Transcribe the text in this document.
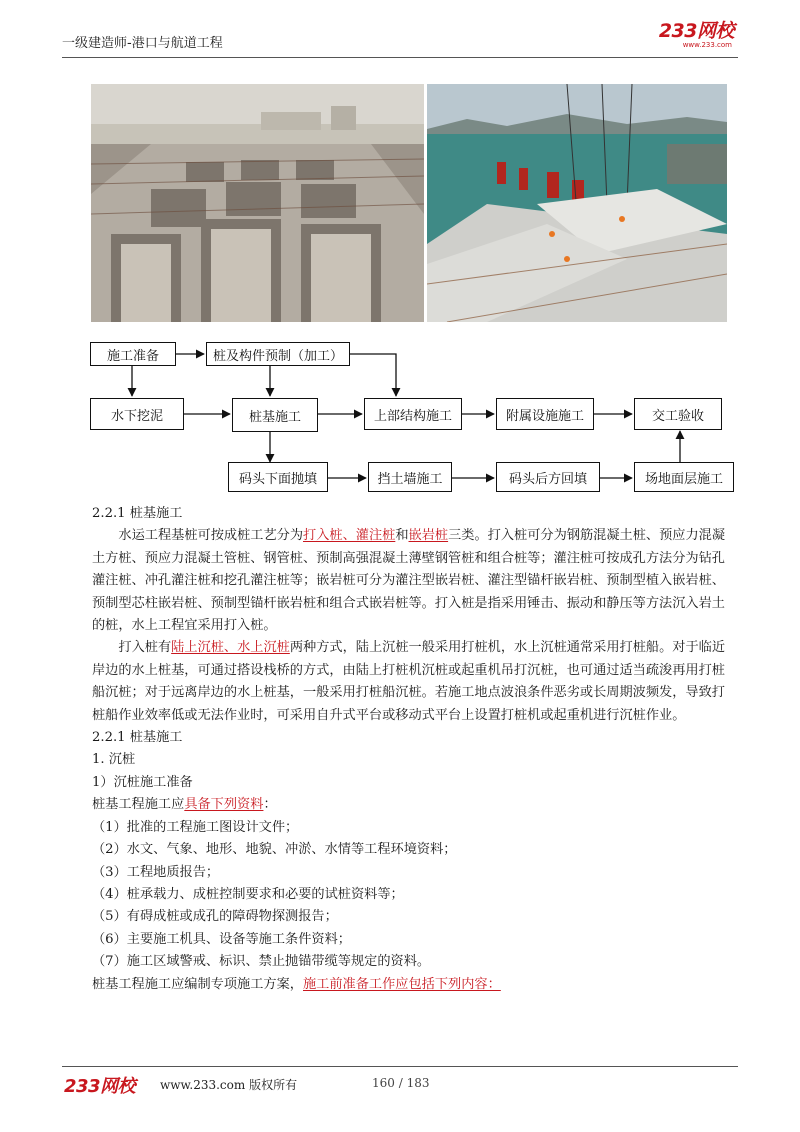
一级建造师-港口与航道工程
233网校
www.233.com
施工准备	桩及构件预制（加工）
水下挖泥	桩基施工	上部结构施工	附属设施施工	交工验收
码头下面抛填	挡土墙施工	码头后方回填	场地面层施工

2.2.1 桩基施工

水运工程基桩可按成桩工艺分为打入桩、灌注桩和嵌岩桩三类。打入桩可分为钢筋混凝土桩、预应力混凝土方桩、预应力混凝土管桩、钢管桩、预制高强混凝土薄壁钢管桩和组合桩等；灌注桩可按成孔方法分为钻孔灌注桩、冲孔灌注桩和挖孔灌注桩等；嵌岩桩可分为灌注型嵌岩桩、灌注型锚杆嵌岩桩、预制型植入嵌岩桩、预制型芯柱嵌岩桩、预制型锚杆嵌岩桩和组合式嵌岩桩等。打入桩是指采用锤击、振动和静压等方法沉入岩土的桩，水上工程宜采用打入桩。

打入桩有陆上沉桩、水上沉桩两种方式，陆上沉桩一般采用打桩机，水上沉桩通常采用打桩船。对于临近岸边的水上桩基，可通过搭设栈桥的方式，由陆上打桩机沉桩或起重机吊打沉桩，也可通过适当疏浚再用打桩船沉桩；对于远离岸边的水上桩基，一般采用打桩船沉桩。若施工地点波浪条件恶劣或长周期波频发，导致打桩船作业效率低或无法作业时，可采用自升式平台或移动式平台上设置打桩机或起重机进行沉桩作业。

2.2.1 桩基施工

1. 沉桩

1）沉桩施工准备

桩基工程施工应具备下列资料：

（1）批准的工程施工图设计文件；

（2）水文、气象、地形、地貌、冲淤、水情等工程环境资料；

（3）工程地质报告；

（4）桩承载力、成桩控制要求和必要的试桩资料等；

（5）有碍成桩或成孔的障碍物探测报告；

（6）主要施工机具、设备等施工条件资料；

（7）施工区域警戒、标识、禁止抛锚带缆等规定的资料。

桩基工程施工应编制专项施工方案，施工前准备工作应包括下列内容：

233网校 www.233.com 版权所有	160 / 183
